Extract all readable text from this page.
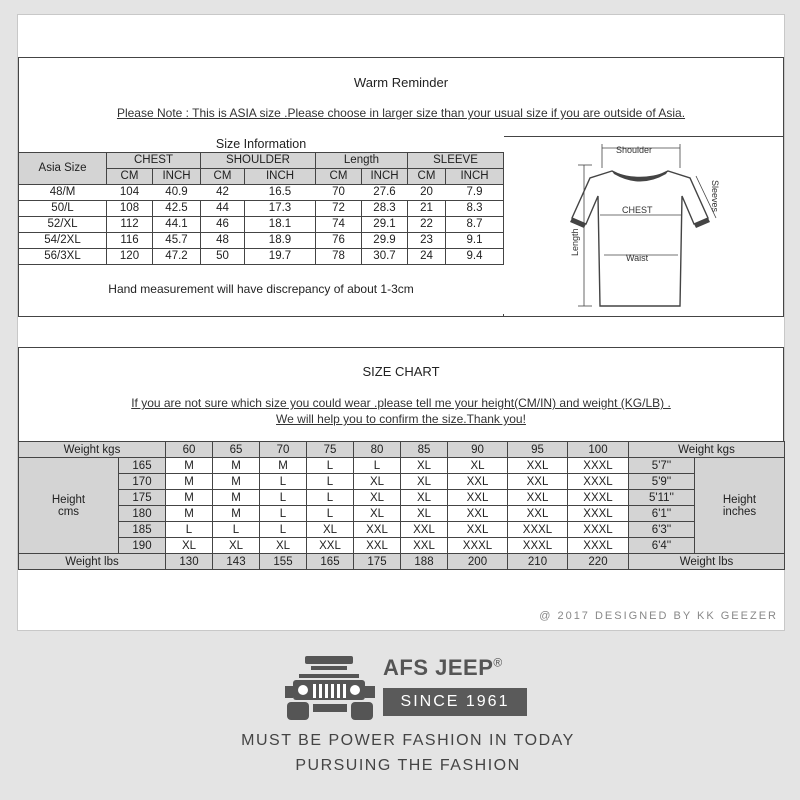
Warm Reminder
Please Note : This is ASIA size .Please choose in larger size than your usual size if you are outside of Asia.
Size Information								
Asia Size	CHEST		SHOULDER		Length		SLEEVE	
	CM	INCH	CM	INCH	CM	INCH	CM	INCH
48/M	104	40.9	42	16.5	70	27.6	20	7.9
50/L	108	42.5	44	17.3	72	28.3	21	8.3
52/XL	112	44.1	46	18.1	74	29.1	22	8.7
54/2XL	116	45.7	48	18.9	76	29.9	23	9.1
56/3XL	120	47.2	50	19.7	78	30.7	24	9.4
Hand measurement will have discrepancy of about 1-3cm								
Shoulder
CHEST
Waist
Length
Sleeves
SIZE CHART
If you are not sure which size you could wear .please tell me your height(CM/IN) and weight (KG/LB) .
We will help you to confirm the size.Thank you!
Weight kgs		60	65	70	75	80	85	90	95	100	Weight kgs	
Height
cms	165	M	M	M	L	L	XL	XL	XXL	XXXL	5'7''	Height
inches
	170	M	M	L	L	XL	XL	XXL	XXL	XXXL	5'9''	
	175	M	M	L	L	XL	XL	XXL	XXL	XXXL	5'11''	
	180	M	M	L	L	XL	XL	XXL	XXL	XXXL	6'1''	
	185	L	L	L	XL	XXL	XXL	XXL	XXXL	XXXL	6'3''	
	190	XL	XL	XL	XXL	XXL	XXL	XXXL	XXXL	XXXL	6'4''	
Weight lbs		130	143	155	165	175	188	200	210	220	Weight lbs	
@ 2017 DESIGNED BY KK GEEZER
AFS JEEP®
SINCE 1961
MUST BE POWER FASHION IN TODAY
PURSUING THE FASHION
